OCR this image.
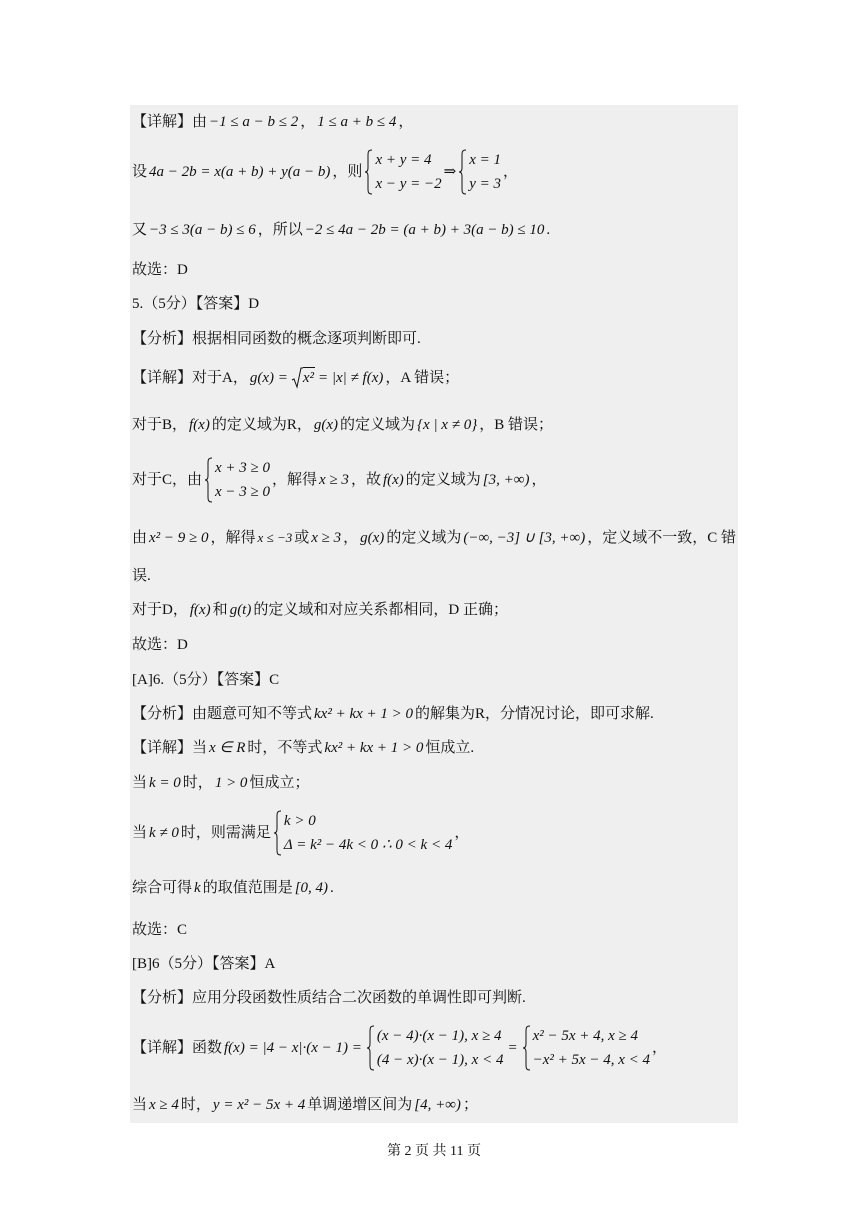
【详解】由 −1 ≤ a − b ≤ 2 ， 1 ≤ a + b ≤ 4 ，
设 4a − 2b = x(a + b) + y(a − b) ，则
x + y = 4
x − y = −2
⇒
x = 1
y = 3
，
又 −3 ≤ 3(a − b) ≤ 6 ，所以 −2 ≤ 4a − 2b = (a + b) + 3(a − b) ≤ 10 .
故选：D
5.（5分）【答案】D
【分析】根据相同函数的概念逐项判断即可.
【详解】对于A， g(x) = x² = |x| ≠ f(x) ，A 错误；
对于B， f(x) 的定义域为R， g(x) 的定义域为 {x | x ≠ 0} ，B 错误；
对于C，由
x + 3 ≥ 0
x − 3 ≥ 0
，解得 x ≥ 3 ，故 f(x) 的定义域为 [3, +∞) ，
由 x² − 9 ≥ 0 ，解得 x ≤ −3 或 x ≥ 3 ， g(x) 的定义域为 (−∞, −3] ∪ [3, +∞) ，定义域不一致，C 错
误.
对于D， f(x) 和 g(t) 的定义域和对应关系都相同，D 正确；
故选：D
[A]6.（5分）【答案】C
【分析】由题意可知不等式 kx² + kx + 1 > 0 的解集为R，分情况讨论，即可求解.
【详解】当 x ∈ R 时，不等式 kx² + kx + 1 > 0 恒成立.
当 k = 0 时， 1 > 0 恒成立；
当 k ≠ 0 时，则需满足
k > 0
Δ = k² − 4k < 0 ∴ 0 < k < 4
，
综合可得 k 的取值范围是 [0, 4) .
故选：C
[B]6（5分）【答案】A
【分析】应用分段函数性质结合二次函数的单调性即可判断.
【详解】函数 f(x) = |4 − x|·(x − 1) =
(x − 4)·(x − 1), x ≥ 4
(4 − x)·(x − 1), x < 4
=
x² − 5x + 4, x ≥ 4
−x² + 5x − 4, x < 4
，
当 x ≥ 4 时， y = x² − 5x + 4 单调递增区间为 [4, +∞) ；
第 2 页 共 11 页
